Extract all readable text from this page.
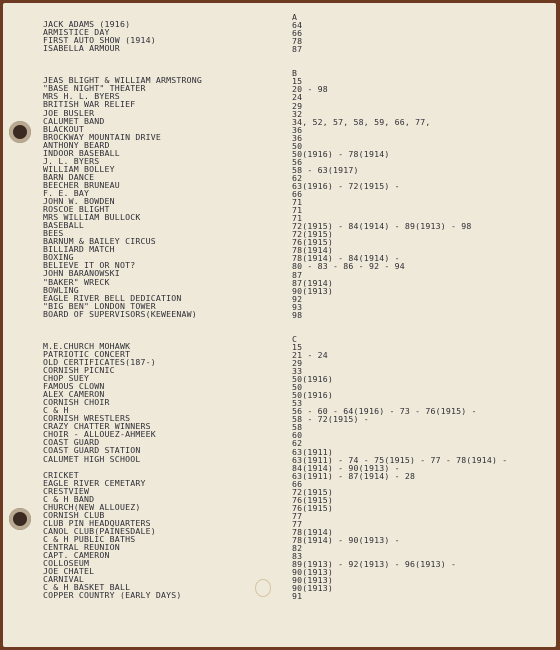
JACK ADAMS (1916)
ARMISTICE DAY
FIRST AUTO SHOW (1914)
ISABELLA ARMOUR
JEAS BLIGHT & WILLIAM ARMSTRONG
"BASE NIGHT" THEATER
MRS H. L. BYERS
BRITISH WAR RELIEF
JOE BUSLER
CALUMET BAND
BLACKOUT
BROCKWAY MOUNTAIN DRIVE
ANTHONY BEARD
INDOOR BASEBALL
J. L. BYERS
WILLIAM BOLLEY
BARN DANCE
BEECHER BRUNEAU
F. E. BAY
JOHN W. BOWDEN
ROSCOE BLIGHT
MRS WILLIAM BULLOCK
BASEBALL
BEES
BARNUM & BAILEY CIRCUS
BILLIARD MATCH
BOXING
BELIEVE IT OR NOT?
JOHN BARANOWSKI
"BAKER" WRECK
BOWLING
EAGLE RIVER BELL DEDICATION
"BIG BEN" LONDON TOWER
BOARD OF SUPERVISORS(KEWEENAW)
M.E.CHURCH MOHAWK
PATRIOTIC CONCERT
OLD CERTIFICATES(187-)
CORNISH PICNIC
CHOP SUEY
FAMOUS CLOWN
ALEX CAMERON
CORNISH CHOIR
C & H
CORNISH WRESTLERS
CRAZY CHATTER WINNERS
CHOIR - ALLOUEZ-AHMEEK
COAST GUARD
COAST GUARD STATION
CALUMET HIGH SCHOOL
CRICKET
EAGLE RIVER CEMETARY
CRESTVIEW
C & H BAND
CHURCH(NEW ALLOUEZ)
CORNISH CLUB
CLUB PIN HEADQUARTERS
CANOL CLUB(PAINESDALE)
C & H PUBLIC BATHS
CENTRAL REUNION
CAPT. CAMERON
COLLOSEUM
JOE CHATEL
CARNIVAL
C & H BASKET BALL
COPPER COUNTRY (EARLY DAYS)
A
64
66
78
87
B
15
20 - 98
24
29
32
34, 52, 57, 58, 59, 66, 77,
36
36
50
50(1916) - 78(1914)
56
58 - 63(1917)
62
63(1916) - 72(1915) -
66
71
71
71
72(1915) - 84(1914) - 89(1913) - 98
72(1915)
76(1915)
78(1914)
78(1914) - 84(1914) -
80 - 83 - 86 - 92 - 94
87
87(1914)
90(1913)
92
93
98
C
15
21 - 24
29
33
50(1916)
50
50(1916)
53
56 - 60 - 64(1916) - 73 - 76(1915) -
58 - 72(1915) -
58
60
62
63(1911)
63(1911) - 74 - 75(1915) - 77 - 78(1914) -
84(1914) - 90(1913) -
63(1911) - 87(1914) - 28
66
72(1915)
76(1915)
76(1915)
77
77
78(1914)
78(1914) - 90(1913) -
82
83
89(1913) - 92(1913) - 96(1913) -
90(1913)
90(1913)
90(1913)
91
